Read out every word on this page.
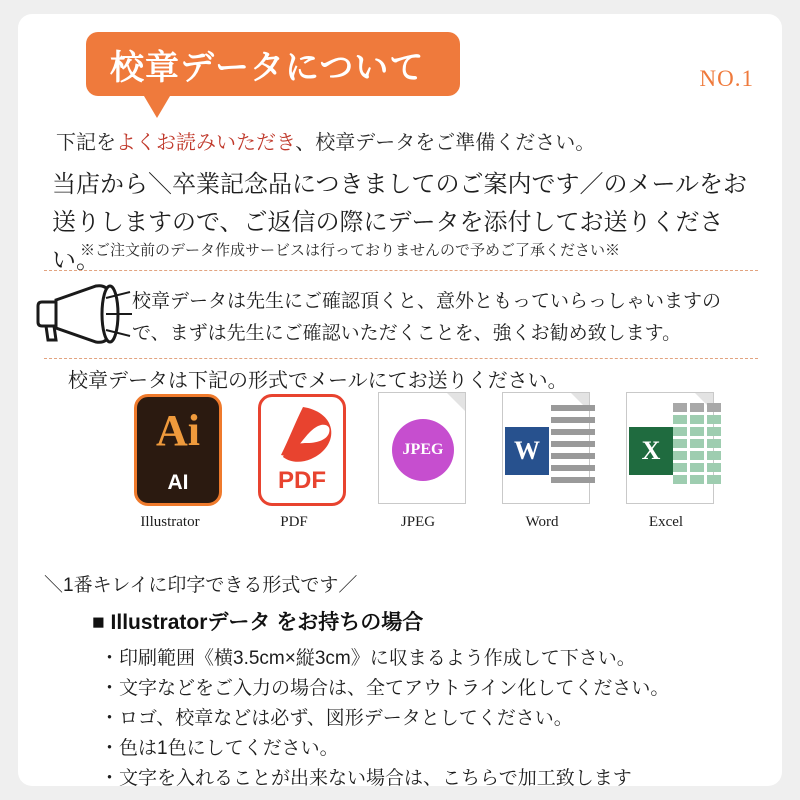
校章データについて	NO.1
下記をよくお読みいただき、校章データをご準備ください。
当店から＼卒業記念品につきましてのご案内です／のメールをお送りしますので、ご返信の際にデータを添付してお送りください。
※ご注文前のデータ作成サービスは行っておりませんので予めご了承ください※
校章データは先生にご確認頂くと、意外ともっていらっしゃいますので、まずは先生にご確認いただくことを、強くお勧め致します。
校章データは下記の形式でメールにてお送りください。
Ai
AI
Illustrator
PDF
PDF
JPEG
JPEG
W
Word
X
Excel
＼1番キレイに印字できる形式です／
■ Illustratorデータ をお持ちの場合
・印刷範囲《横3.5cm×縦3cm》に収まるよう作成して下さい。
・文字などをご入力の場合は、全てアウトライン化してください。
・ロゴ、校章などは必ず、図形データとしてください。
・色は1色にしてください。
・文字を入れることが出来ない場合は、こちらで加工致します
